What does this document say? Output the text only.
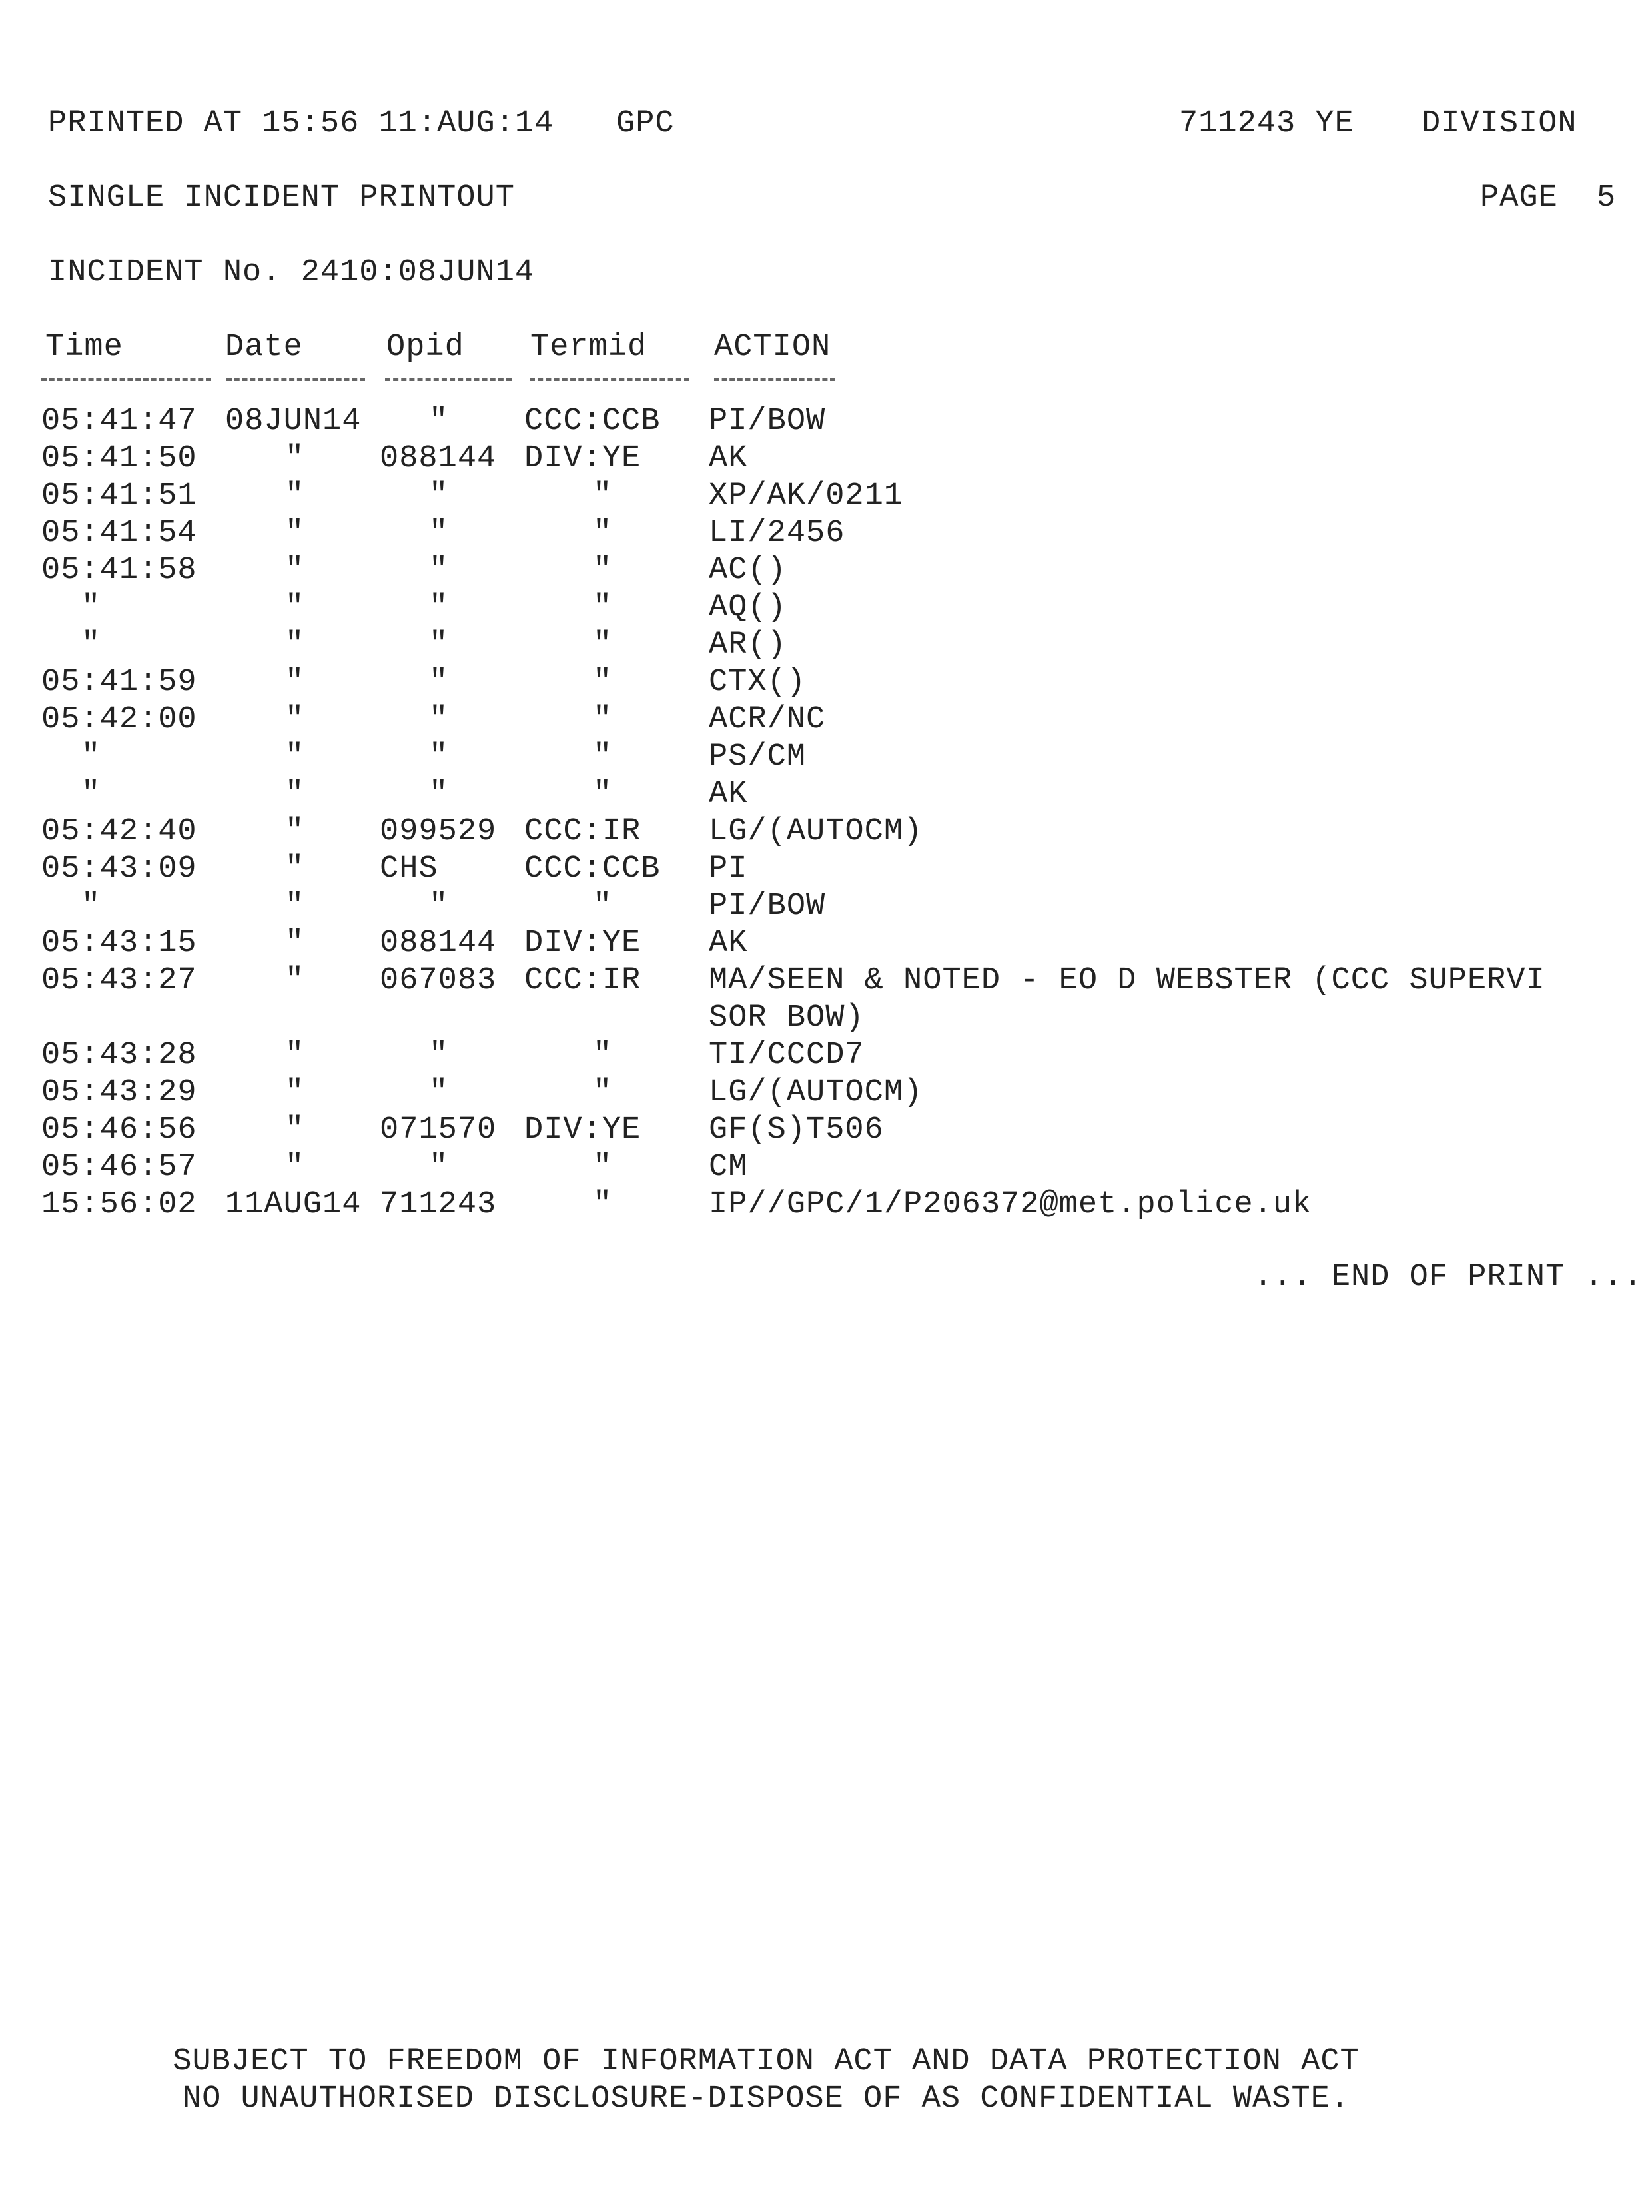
PRINTED AT 15:56 11:AUG:14 GPC	711243 YE DIVISION
SINGLE INCIDENT PRINTOUT	PAGE 5
INCIDENT No. 2410:08JUN14
Time	Date	Opid Termid ACTION
05:41:47 08JUN14 " CCC:CCB PI/BOW
05:41:50	" 088144 DIV:YE AK
05:41:51	"	"	"	XP/AK/0211
05:41:54	"	"	"	LI/2456
05:41:58	"	"	"	AC()
"	"	"	"	AQ()
"	"	"	"	AR()
05:41:59	"	"	"	CTX()
05:42:00	"	"	"	ACR/NC
"	"	"	"	PS/CM
"	"	"	"	AK
05:42:40	" 099529 CCC:IR LG/(AUTOCM)
05:43:09	" CHS	CCC:CCB PI
"	"	"	"	PI/BOW
05:43:15	" 088144 DIV:YE AK
05:43:27	" 067083 CCC:IR MA/SEEN & NOTED - EO D WEBSTER (CCC SUPERVI
SOR BOW)
05:43:28	"	"	"	TI/CCCD7
05:43:29	"	"	"	LG/(AUTOCM)
05:46:56	" 071570 DIV:YE GF(S)T506
05:46:57	"	"	"	CM
15:56:02 11AUG14 711243	"	IP//GPC/1/P206372@met.police.uk
... END OF PRINT ...
SUBJECT TO FREEDOM OF INFORMATION ACT AND DATA PROTECTION ACT
NO UNAUTHORISED DISCLOSURE-DISPOSE OF AS CONFIDENTIAL WASTE.
